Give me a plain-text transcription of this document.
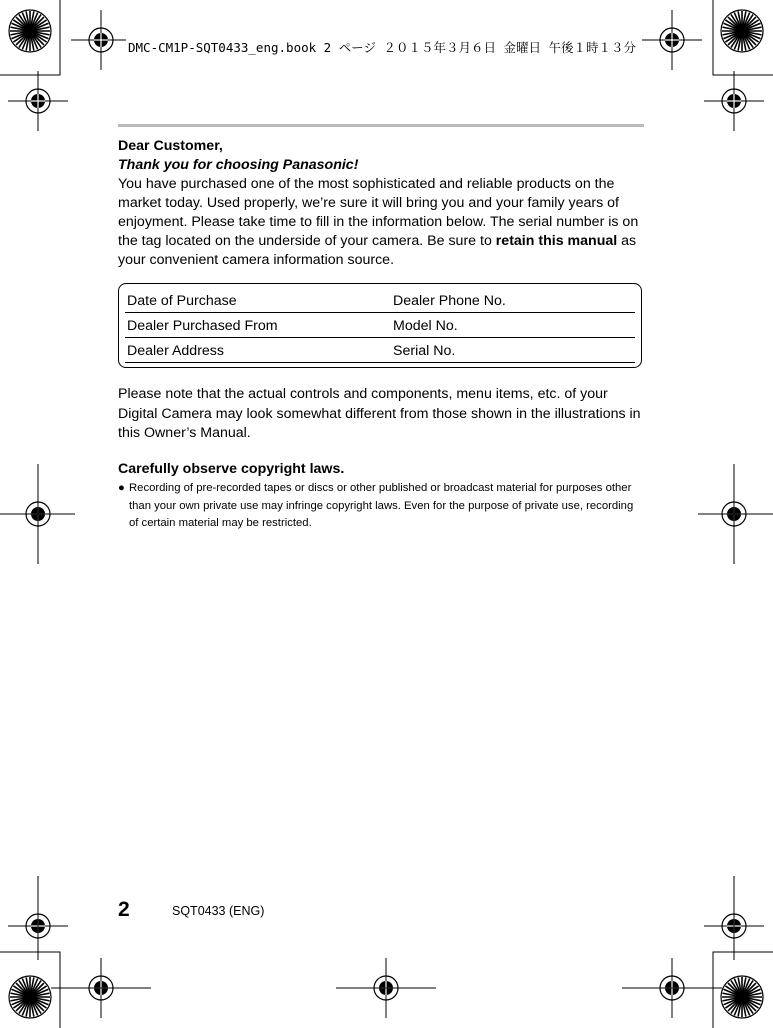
DMC-CM1P-SQT0433_eng.book 2 ページ ２０１５年３月６日 金曜日 午後１時１３分

Dear Customer,

Thank you for choosing Panasonic!

You have purchased one of the most sophisticated and reliable products on the market today. Used properly, we’re sure it will bring you and your family years of enjoyment. Please take time to fill in the information below. The serial number is on the tag located on the underside of your camera. Be sure to retain this manual as your convenient camera information source.

Date of Purchase	Dealer Phone No.
Dealer Purchased From	Model No.
Dealer Address	Serial No.

Please note that the actual controls and components, menu items, etc. of your Digital Camera may look somewhat different from those shown in the illustrations in this Owner’s Manual.

Carefully observe copyright laws.

● Recording of pre-recorded tapes or discs or other published or broadcast material for purposes other than your own private use may infringe copyright laws. Even for the purpose of private use, recording of certain material may be restricted.
2	SQT0433 (ENG)
